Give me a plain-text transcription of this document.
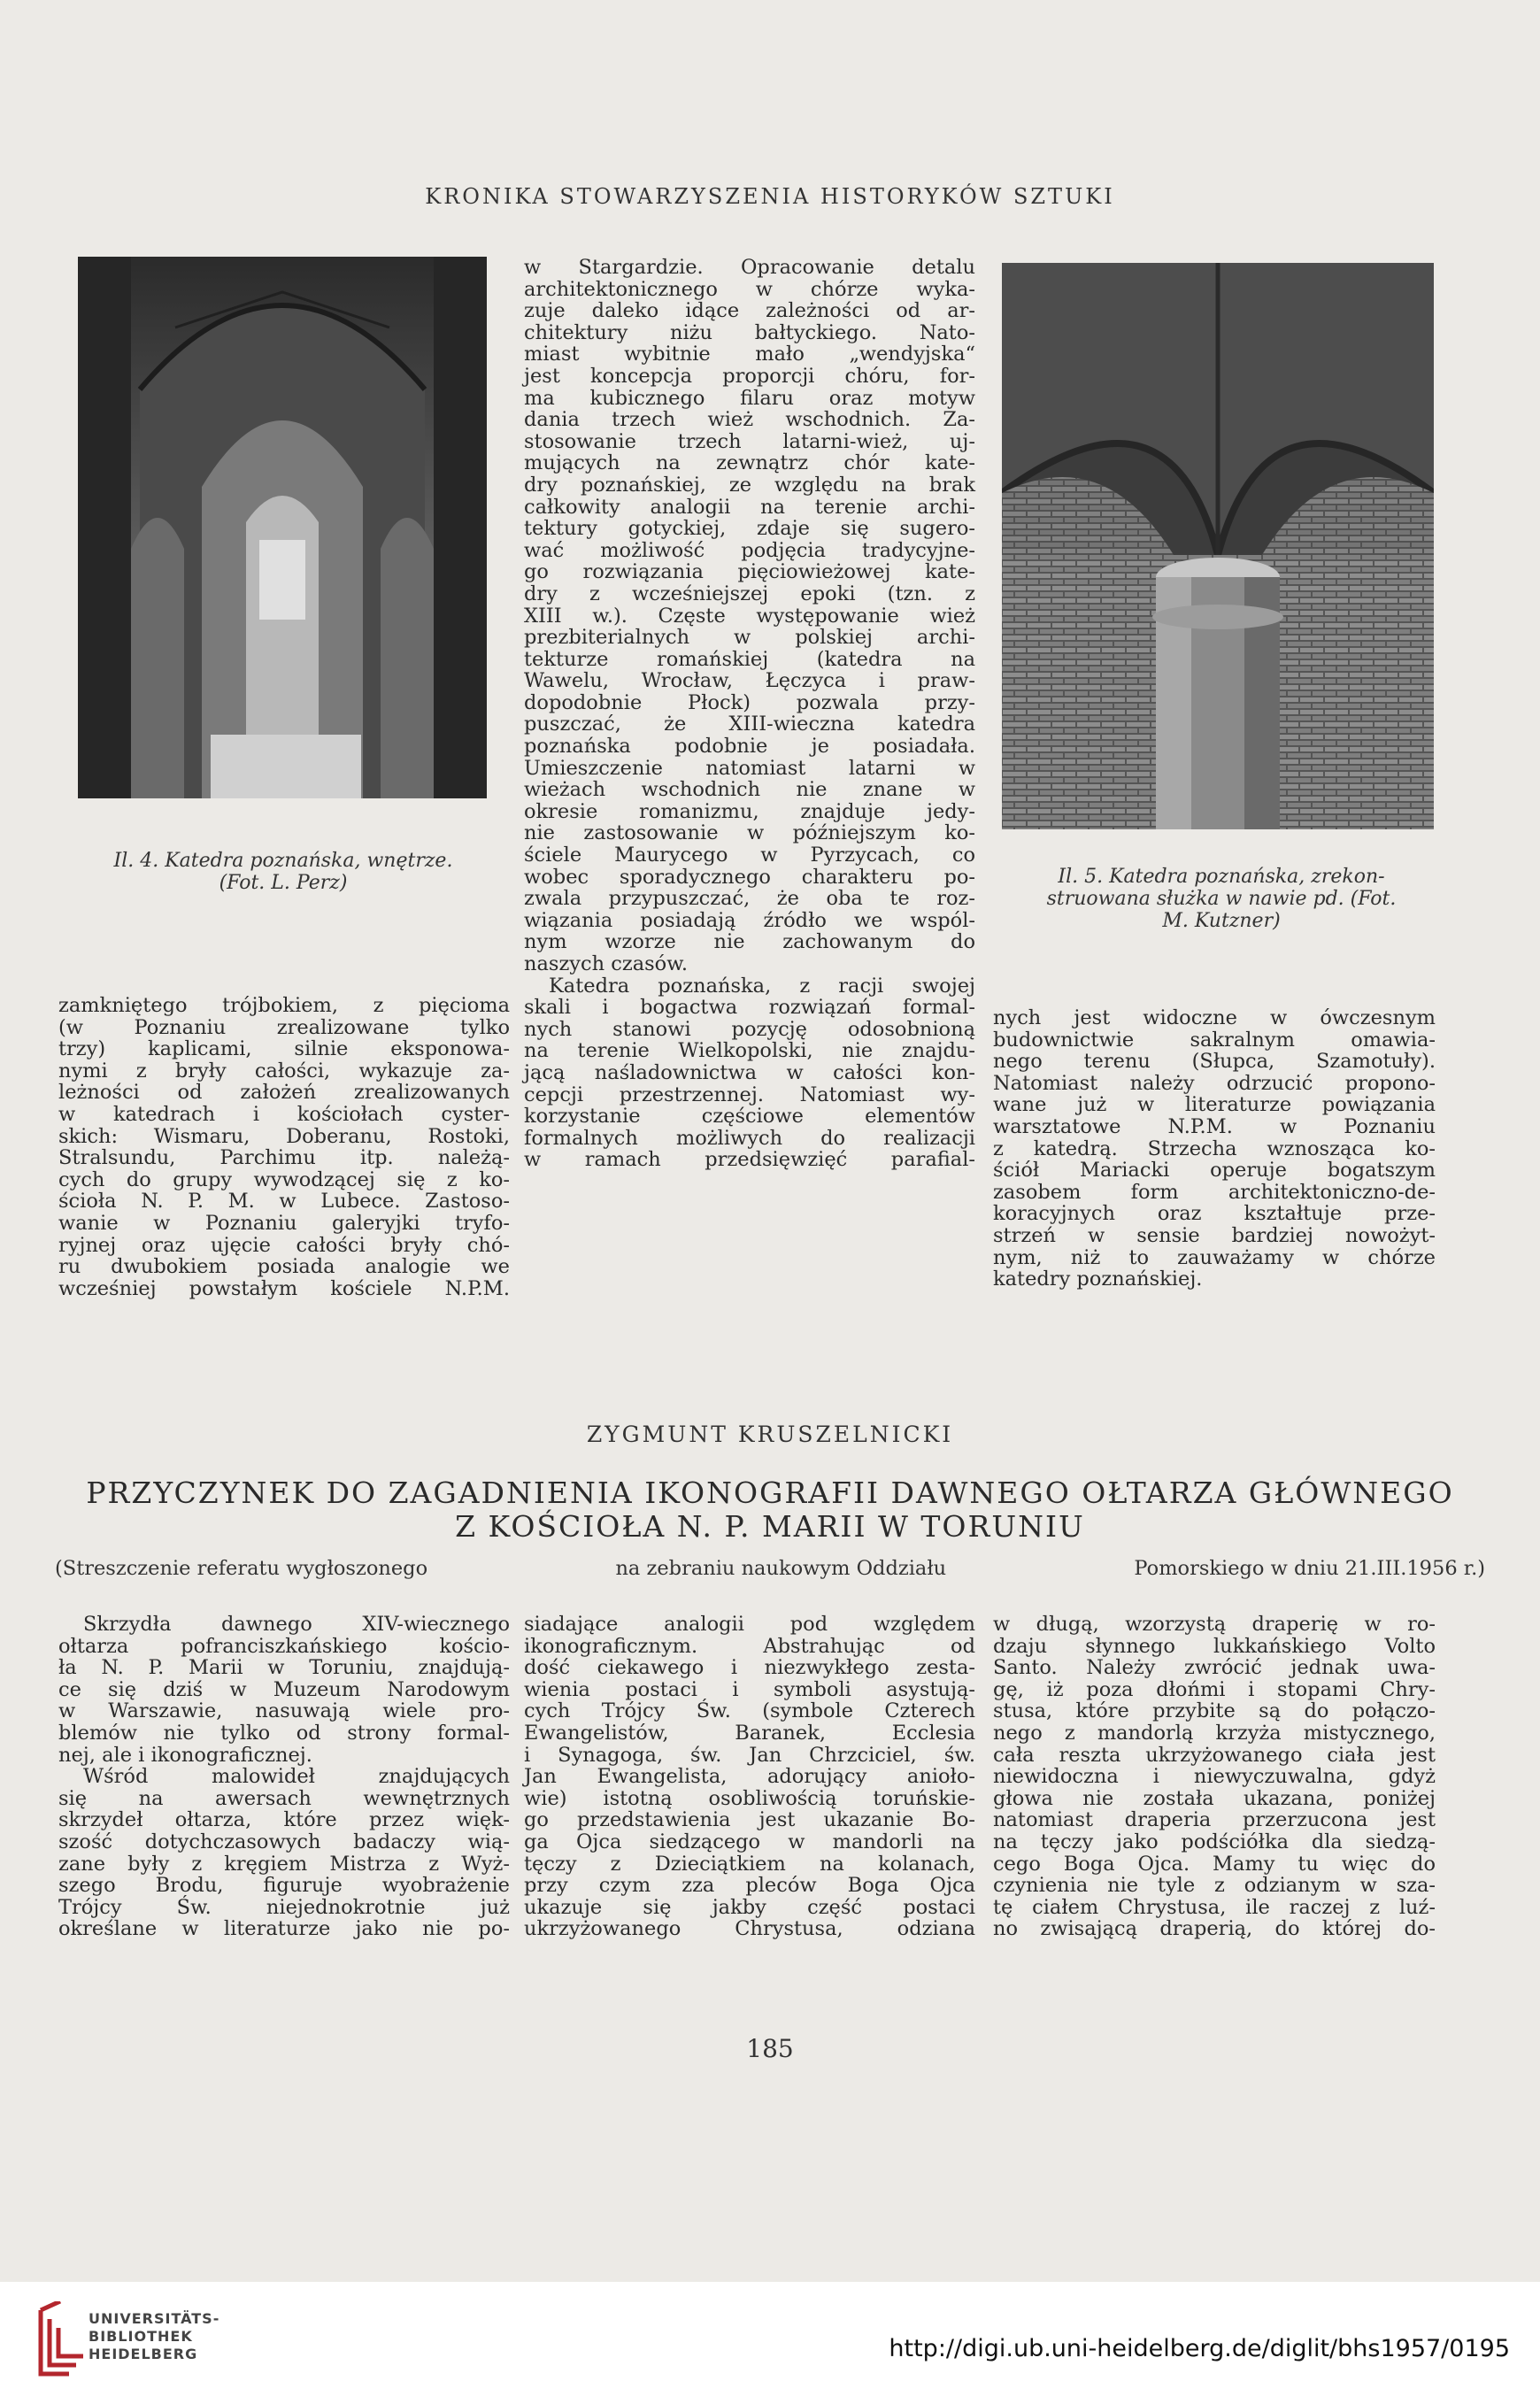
KRONIKA STOWARZYSZENIA HISTORYKÓW SZTUKI
Il. 4. Katedra poznańska, wnętrze.
(Fot. L. Perz)	Il. 5. Katedra poznańska, zrekon-
struowana służka w nawie pd. (Fot.
M. Kutzner)
zamkniętego trójbokiem, z pięcioma
(w Poznaniu zrealizowane tylko
trzy) kaplicami, silnie eksponowa-
nymi z bryły całości, wykazuje za-
leżności od założeń zrealizowanych
w katedrach i kościołach cyster-
skich: Wismaru, Doberanu, Rostoki,
Stralsundu, Parchimu itp. należą-
cych do grupy wywodzącej się z ko-
ścioła N. P. M. w Lubece. Zastoso-
wanie w Poznaniu galeryjki tryfo-
ryjnej oraz ujęcie całości bryły chó-
ru dwubokiem posiada analogie we
wcześniej powstałym kościele N.P.M.
w Stargardzie. Opracowanie detalu
architektonicznego w chórze wyka-
zuje daleko idące zależności od ar-
chitektury niżu bałtyckiego. Nato-
miast wybitnie mało „wendyjska“
jest koncepcja proporcji chóru, for-
ma kubicznego filaru oraz motyw
dania trzech wież wschodnich. Za-
stosowanie trzech latarni-wież, uj-
mujących na zewnątrz chór kate-
dry poznańskiej, ze względu na brak
całkowity analogii na terenie archi-
tektury gotyckiej, zdaje się sugero-
wać możliwość podjęcia tradycyjne-
go rozwiązania pięciowieżowej kate-
dry z wcześniejszej epoki (tzn. z
XIII w.). Częste występowanie wież
prezbiterialnych w polskiej archi-
tekturze romańskiej (katedra na
Wawelu, Wrocław, Łęczyca i praw-
dopodobnie Płock) pozwala przy-
puszczać, że XIII-wieczna katedra
poznańska podobnie je posiadała.
Umieszczenie natomiast latarni w
wieżach wschodnich nie znane w
okresie romanizmu, znajduje jedy-
nie zastosowanie w późniejszym ko-
ściele Maurycego w Pyrzycach, co
wobec sporadycznego charakteru po-
zwala przypuszczać, że oba te roz-
wiązania posiadają źródło we wspól-
nym wzorze nie zachowanym do
naszych czasów.
Katedra poznańska, z racji swojej
skali i bogactwa rozwiązań formal-
nych stanowi pozycję odosobnioną
na terenie Wielkopolski, nie znajdu-
jącą naśladownictwa w całości kon-
cepcji przestrzennej. Natomiast wy-
korzystanie częściowe elementów
formalnych możliwych do realizacji
w ramach przedsięwzięć parafial-
nych jest widoczne w ówczesnym
budownictwie sakralnym omawia-
nego terenu (Słupca, Szamotuły).
Natomiast należy odrzucić propono-
wane już w literaturze powiązania
warsztatowe N.P.M. w Poznaniu
z katedrą. Strzecha wznosząca ko-
ściół Mariacki operuje bogatszym
zasobem form architektoniczno-de-
koracyjnych oraz kształtuje prze-
strzeń w sensie bardziej nowożyt-
nym, niż to zauważamy w chórze
katedry poznańskiej.
ZYGMUNT KRUSZELNICKI
PRZYCZYNEK DO ZAGADNIENIA IKONOGRAFII DAWNEGO OŁTARZA GŁÓWNEGO
Z KOŚCIOŁA N. P. MARII W TORUNIU
(Streszczenie referatu wygłoszonego	na zebraniu naukowym Oddziału	Pomorskiego w dniu 21.III.1956 r.)
Skrzydła dawnego XIV-wiecznego
ołtarza pofranciszkańskiego kościo-
ła N. P. Marii w Toruniu, znajdują-
ce się dziś w Muzeum Narodowym
w Warszawie, nasuwają wiele pro-
blemów nie tylko od strony formal-
nej, ale i ikonograficznej.
Wśród malowideł znajdujących
się na awersach wewnętrznych
skrzydeł ołtarza, które przez więk-
szość dotychczasowych badaczy wią-
zane były z kręgiem Mistrza z Wyż-
szego Brodu, figuruje wyobrażenie
Trójcy Św. niejednokrotnie już
określane w literaturze jako nie po-
siadające analogii pod względem
ikonograficznym. Abstrahując od
dość ciekawego i niezwykłego zesta-
wienia postaci i symboli asystują-
cych Trójcy Św. (symbole Czterech
Ewangelistów, Baranek, Ecclesia
i Synagoga, św. Jan Chrzciciel, św.
Jan Ewangelista, adorujący anioło-
wie) istotną osobliwością toruńskie-
go przedstawienia jest ukazanie Bo-
ga Ojca siedzącego w mandorli na
tęczy z Dzieciątkiem na kolanach,
przy czym zza pleców Boga Ojca
ukazuje się jakby część postaci
ukrzyżowanego Chrystusa, odziana
w długą, wzorzystą draperię w ro-
dzaju słynnego lukkańskiego Volto
Santo. Należy zwrócić jednak uwa-
gę, iż poza dłońmi i stopami Chry-
stusa, które przybite są do połączo-
nego z mandorlą krzyża mistycznego,
cała reszta ukrzyżowanego ciała jest
niewidoczna i niewyczuwalna, gdyż
głowa nie została ukazana, poniżej
natomiast draperia przerzucona jest
na tęczy jako podściółka dla siedzą-
cego Boga Ojca. Mamy tu więc do
czynienia nie tyle z odzianym w sza-
tę ciałem Chrystusa, ile raczej z luź-
no zwisającą draperią, do której do-
185
UNIVERSITÄTS-
BIBLIOTHEK
HEIDELBERG	http://digi.ub.uni-heidelberg.de/diglit/bhs1957/0195
